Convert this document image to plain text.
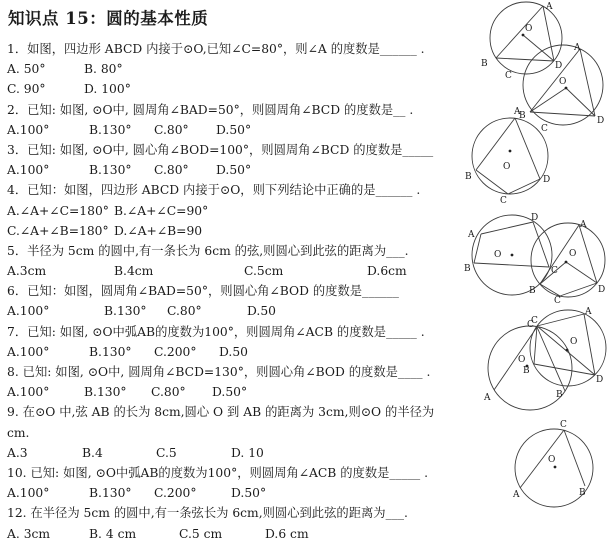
知识点 15：圆的基本性质
1．如图，四边形 ABCD 内接于⊙O,已知∠C=80°，则∠A 的度数是______ .
A. 50°	B. 80°
C. 90°	D. 100°
2．已知: 如图, ⊙O中, 圆周角∠BAD=50°，则圆周角∠BCD 的度数是__ .
A.100°	B.130° C.80° D.50°
3．已知: 如图, ⊙O中, 圆心角∠BOD=100°，则圆周角∠BCD 的度数是_____
A.100°	B.130° C.80° D.50°
4．已知：如图，四边形 ABCD 内接于⊙O，则下列结论中正确的是______ .
A.∠A+∠C=180° B.∠A+∠C=90°
C.∠A+∠B=180° D.∠A+∠B=90
5．半径为 5cm 的圆中,有一条长为 6cm 的弦,则圆心到此弦的距离为___.
A.3cm	B.4cm	C.5cm	D.6cm
6．已知：如图，圆周角∠BAD=50°，则圆心角∠BOD 的度数是______
A.100°	B.130° C.80°	D.50
7．已知: 如图, ⊙O中弧AB的度数为100°，则圆周角∠ACB 的度数是_____ .
A.100°	B.130° C.200° D.50
8. 已知: 如图, ⊙O中, 圆周角∠BCD=130°，则圆心角∠BOD 的度数是____ .
A.100°	B.130° C.80° D.50°
9. 在⊙O 中,弦 AB 的长为 8cm,圆心 O 到 AB 的距离为 3cm,则⊙O 的半径为
cm.
A.3	B.4	C.5	D. 10
10. 已知: 如图, ⊙O中弧AB的度数为100°，则圆周角∠ACB 的度数是_____ .
A.100°	B.130° C.200°	D.50°
12. 在半径为 5cm 的圆中,有一条弦长为 6cm,则圆心到此弦的距离为___.
A. 3cm	B. 4 cm	C.5 cm	D.6 cm
A
B
C
D
O
A
B
C
D
O
A
B
C
D
O
A
B	C
D
O
A
B
C
D
O
C
A	B
O
A
C
B
D
O
C
A	B
O
